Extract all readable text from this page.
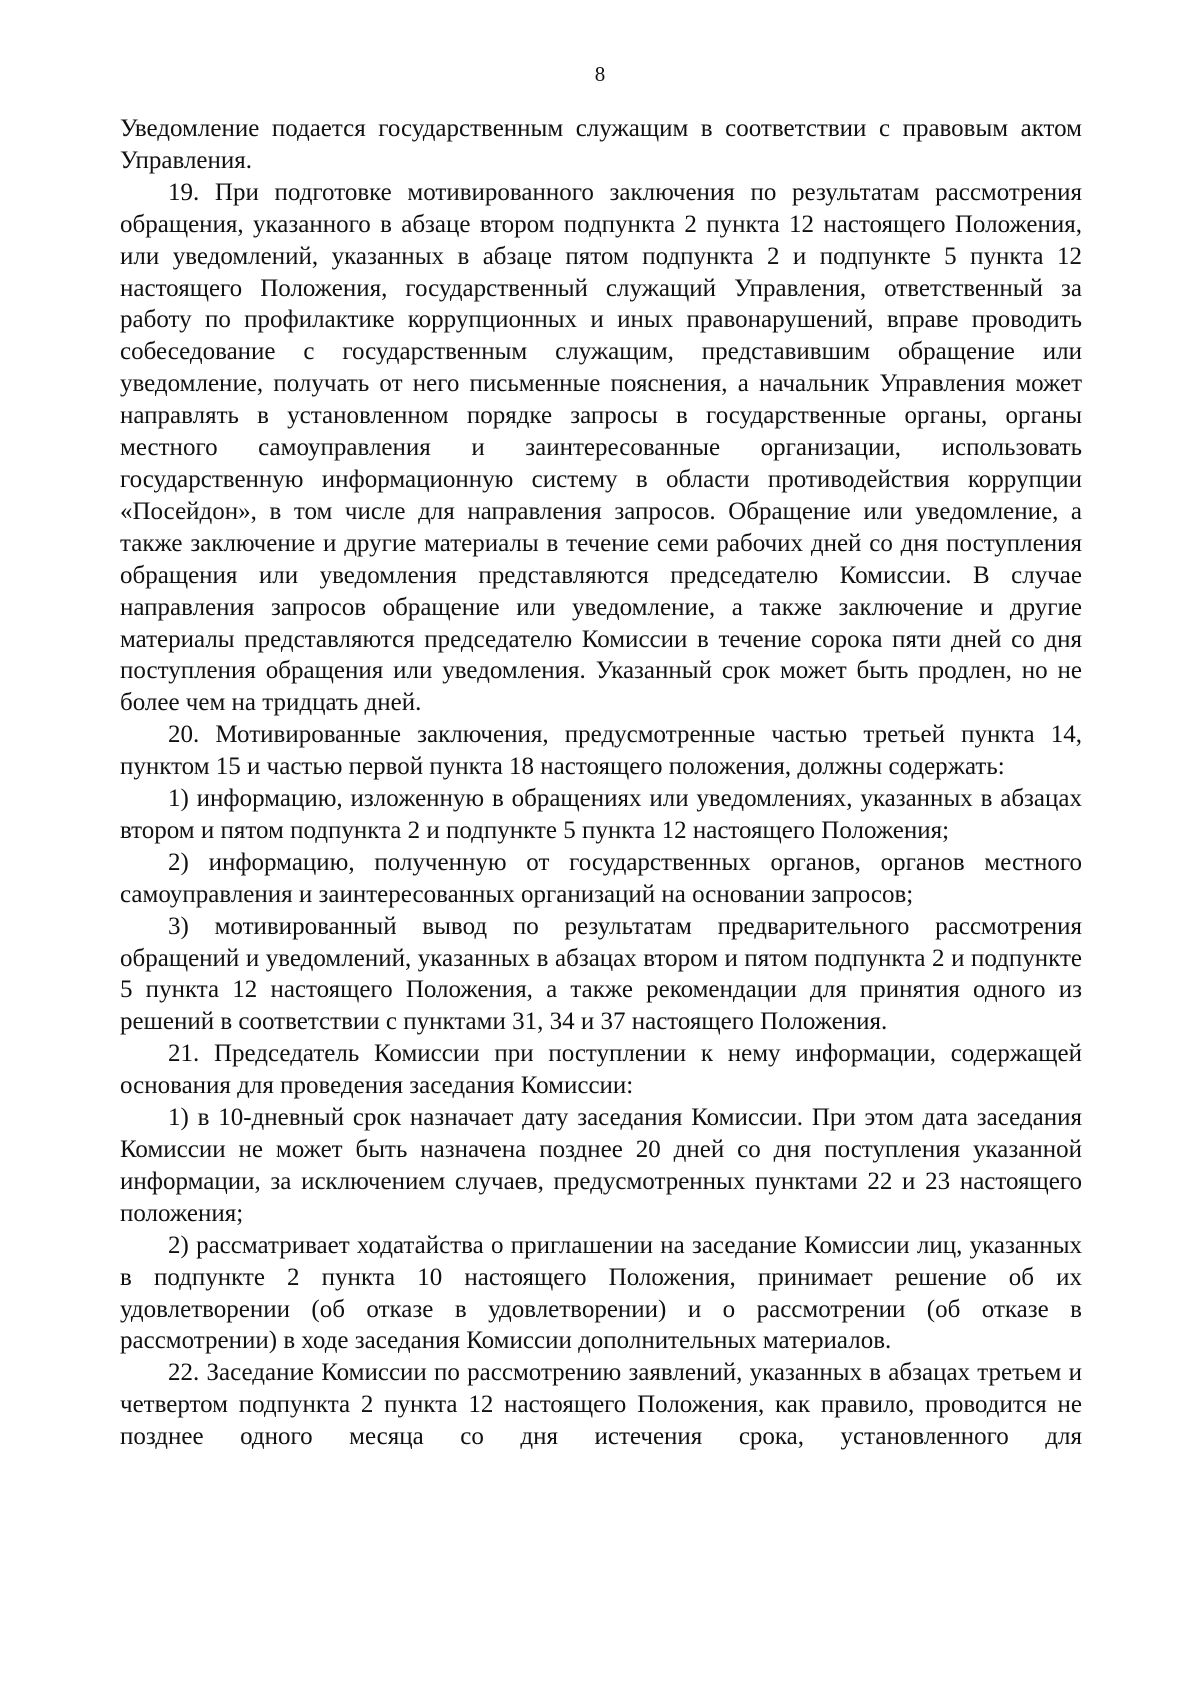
8

Уведомление подается государственным служащим в соответствии с правовым актом Управления.

19. При подготовке мотивированного заключения по результатам рассмотрения обращения, указанного в абзаце втором подпункта 2 пункта 12 настоящего Положения, или уведомлений, указанных в абзаце пятом подпункта 2 и подпункте 5 пункта 12 настоящего Положения, государственный служащий Управления, ответственный за работу по профилактике коррупционных и иных правонарушений, вправе проводить собеседование с государственным служащим, представившим обращение или уведомление, получать от него письменные пояснения, а начальник Управления может направлять в установленном порядке запросы в государственные органы, органы местного самоуправления и заинтересованные организации, использовать государственную информационную систему в области противодействия коррупции «Посейдон», в том числе для направления запросов. Обращение или уведомление, а также заключение и другие материалы в течение семи рабочих дней со дня поступления обращения или уведомления представляются председателю Комиссии. В случае направления запросов обращение или уведомление, а также заключение и другие материалы представляются председателю Комиссии в течение сорока пяти дней со дня поступления обращения или уведомления. Указанный срок может быть продлен, но не более чем на тридцать дней.

20. Мотивированные заключения, предусмотренные частью третьей пункта 14, пунктом 15 и частью первой пункта 18 настоящего положения, должны содержать:

1) информацию, изложенную в обращениях или уведомлениях, указанных в абзацах втором и пятом подпункта 2 и подпункте 5 пункта 12 настоящего Положения;

2) информацию, полученную от государственных органов, органов местного самоуправления и заинтересованных организаций на основании запросов;

3) мотивированный вывод по результатам предварительного рассмотрения обращений и уведомлений, указанных в абзацах втором и пятом подпункта 2 и подпункте 5 пункта 12 настоящего Положения, а также рекомендации для принятия одного из решений в соответствии с пунктами 31, 34 и 37 настоящего Положения.

21. Председатель Комиссии при поступлении к нему информации, содержащей основания для проведения заседания Комиссии:

1) в 10-дневный срок назначает дату заседания Комиссии. При этом дата заседания Комиссии не может быть назначена позднее 20 дней со дня поступления указанной информации, за исключением случаев, предусмотренных пунктами 22 и 23 настоящего положения;

2) рассматривает ходатайства о приглашении на заседание Комиссии лиц, указанных в подпункте 2 пункта 10 настоящего Положения, принимает решение об их удовлетворении (об отказе в удовлетворении) и о рассмотрении (об отказе в рассмотрении) в ходе заседания Комиссии дополнительных материалов.

22. Заседание Комиссии по рассмотрению заявлений, указанных в абзацах третьем и четвертом подпункта 2 пункта 12 настоящего Положения, как правило, проводится не позднее одного месяца со дня истечения срока, установленного для
